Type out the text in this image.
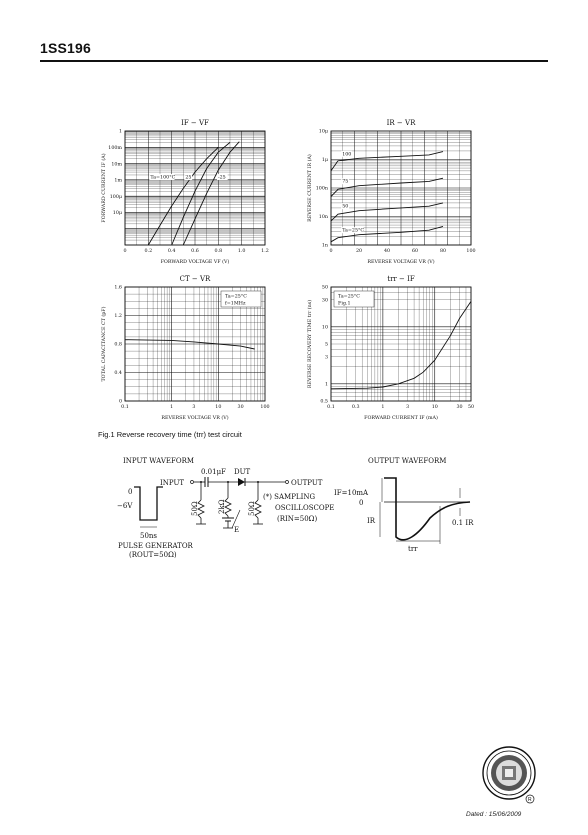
1SS196
IF − VF
0	0.2	0.4	0.6	0.8	1.0	1.2
1
100m
10m
1m
100μ
10μ
FORWARD VOLTAGE VF (V)
FORWARD CURRENT IF (A)	Ta=100°C 25	-25
IR − VR
0	20	40	60	80	100
10μ
1μ
100n
10n
1n
REVERSE VOLTAGE VR (V)
REVERSE CURRENT IR (A)	100
75
50
Ta=25°C
CT − VR
0.1	1	3	10	30	100
1.6
1.2
0.8
0.4
0
REVERSE VOLTAGE VR (V)
TOTAL CAPACITANCE CT (pF)
Ta=25°C
f=1MHz
trr − IF
0.1	0.3	1	3	10	30 50
50
30
10
5
3
1
0.5
FORWARD CURRENT IF (mA)
REVERSE RECOVERY TIME trr (ns)
Ta=25°C
Fig.1
Fig.1 Reverse recovery time (trr) test circuit
INPUT WAVEFORM
0
−6V
50ns
PULSE GENERATOR
(ROUT=50Ω)
INPUT
0.01μF DUT
OUTPUT
50Ω	2kΩ
E
50Ω
(*) SAMPLING
OSCILLOSCOPE
(RIN=50Ω)
OUTPUT WAVEFORM
IF=10mA
0
IR
trr
0.1 IR
R
Dated : 15/06/2009
